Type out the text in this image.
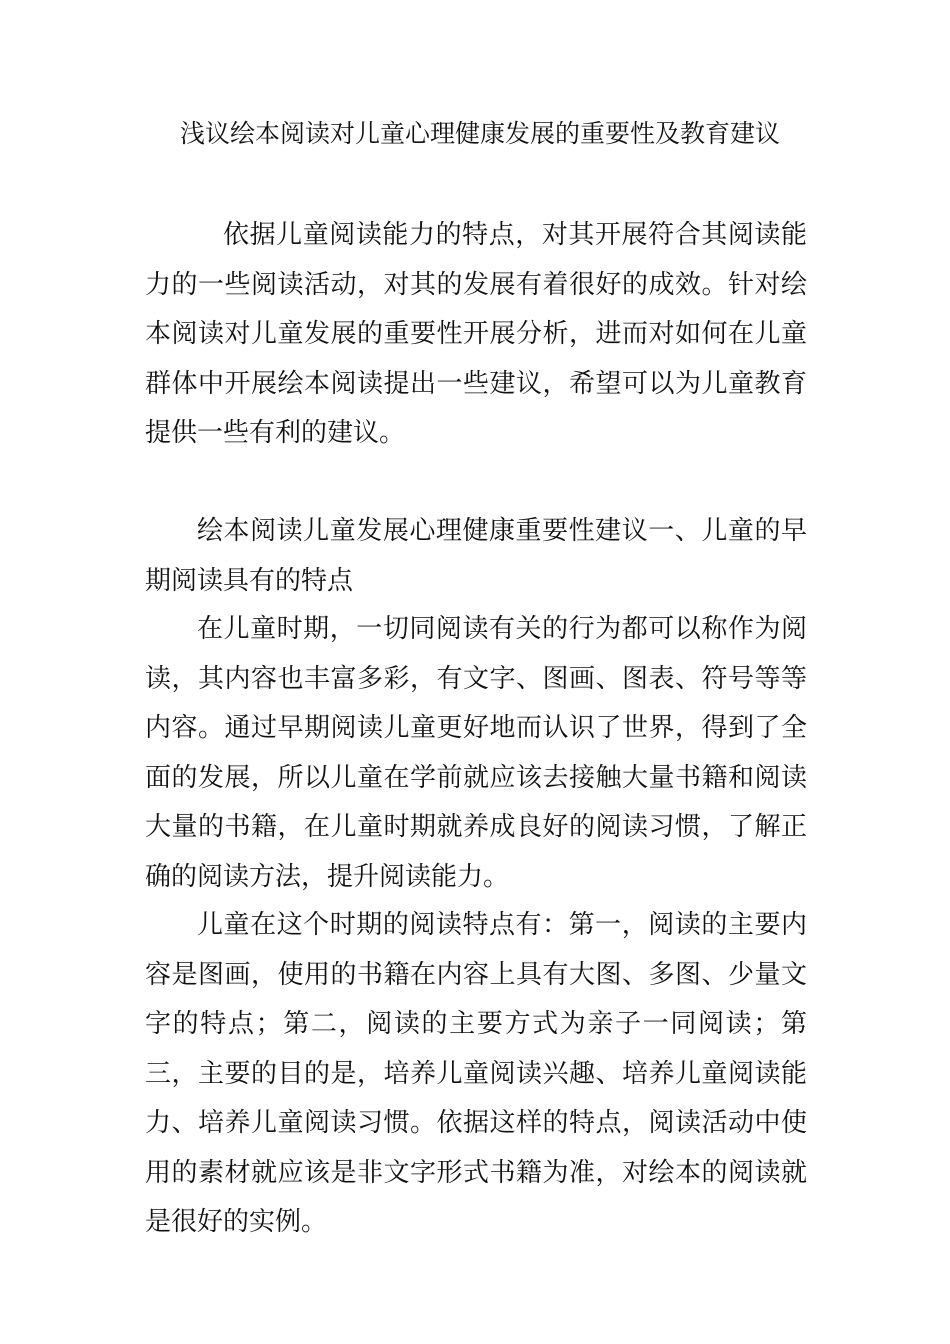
浅议绘本阅读对儿童心理健康发展的重要性及教育建议

依据儿童阅读能力的特点，对其开展符合其阅读能力的一些阅读活动，对其的发展有着很好的成效。针对绘本阅读对儿童发展的重要性开展分析，进而对如何在儿童群体中开展绘本阅读提出一些建议，希望可以为儿童教育提供一些有利的建议。

绘本阅读儿童发展心理健康重要性建议一、儿童的早期阅读具有的特点

在儿童时期，一切同阅读有关的行为都可以称作为阅读，其内容也丰富多彩，有文字、图画、图表、符号等等内容。通过早期阅读儿童更好地而认识了世界，得到了全面的发展，所以儿童在学前就应该去接触大量书籍和阅读大量的书籍，在儿童时期就养成良好的阅读习惯，了解正确的阅读方法，提升阅读能力。

儿童在这个时期的阅读特点有：第一，阅读的主要内容是图画，使用的书籍在内容上具有大图、多图、少量文字的特点；第二，阅读的主要方式为亲子一同阅读；第三，主要的目的是，培养儿童阅读兴趣、培养儿童阅读能力、培养儿童阅读习惯。依据这样的特点，阅读活动中使用的素材就应该是非文字形式书籍为准，对绘本的阅读就是很好的实例。
